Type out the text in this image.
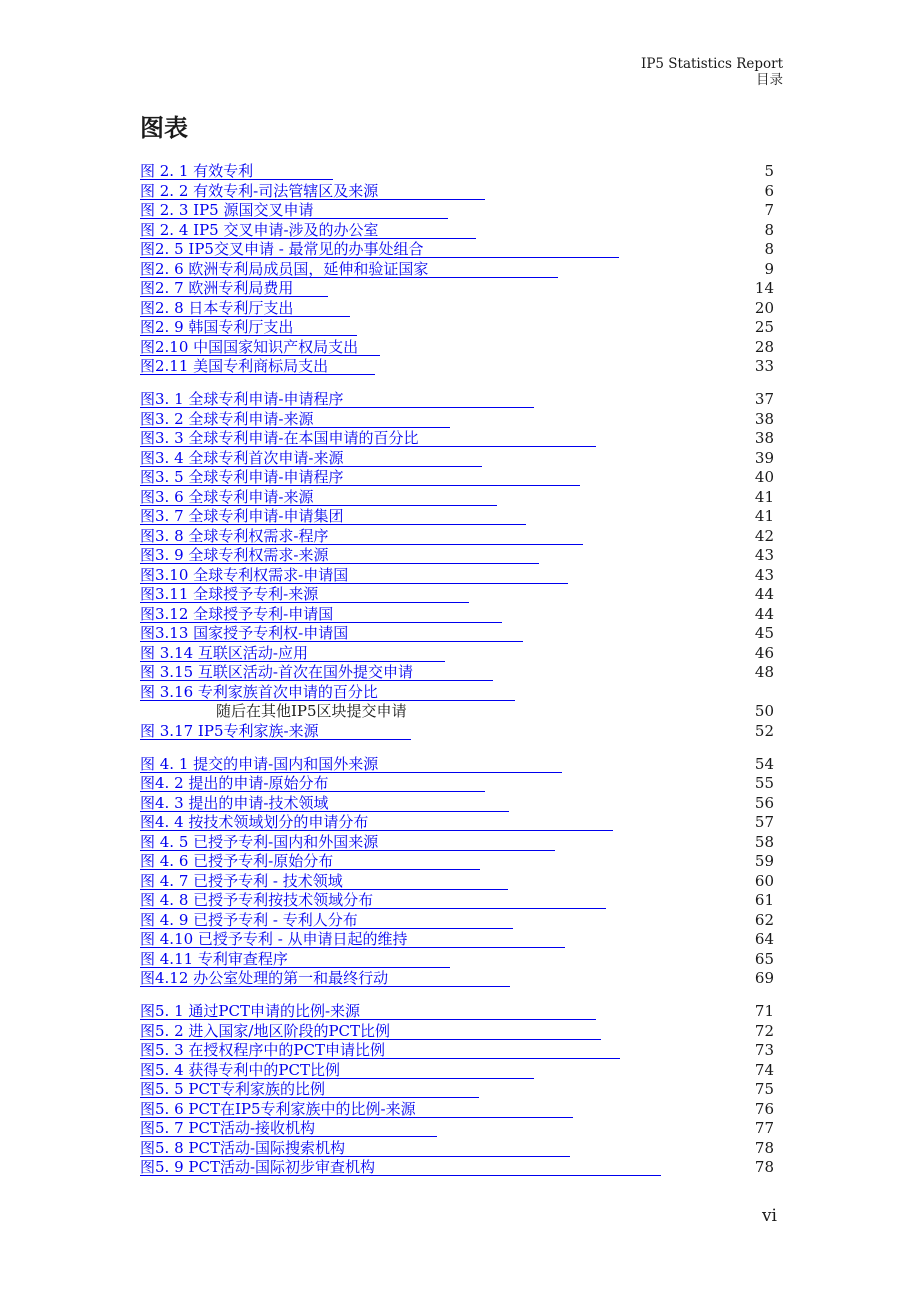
IP5 Statistics Report
目录
图表
图 2. 1 有效专利	5
图 2. 2 有效专利-司法管辖区及来源	6
图 2. 3 IP5 源国交叉申请	7
图 2. 4 IP5 交叉申请-涉及的办公室	8
图2. 5 IP5交叉申请 - 最常见的办事处组合	8
图2. 6 欧洲专利局成员国，延伸和验证国家	9
图2. 7 欧洲专利局费用	14
图2. 8 日本专利厅支出	20
图2. 9 韩国专利厅支出	25
图2.10 中国国家知识产权局支出	28
图2.11 美国专利商标局支出	33
图3. 1 全球专利申请-申请程序	37
图3. 2 全球专利申请-来源	38
图3. 3 全球专利申请-在本国申请的百分比	38
图3. 4 全球专利首次申请-来源	39
图3. 5 全球专利申请-申请程序	40
图3. 6 全球专利申请-来源	41
图3. 7 全球专利申请-申请集团	41
图3. 8 全球专利权需求-程序	42
图3. 9 全球专利权需求-来源	43
图3.10 全球专利权需求-申请国	43
图3.11 全球授予专利-来源	44
图3.12 全球授予专利-申请国	44
图3.13 国家授予专利权-申请国	45
图 3.14 互联区活动-应用	46
图 3.15 互联区活动-首次在国外提交申请	48
图 3.16 专利家族首次申请的百分比
随后在其他IP5区块提交申请	50
图 3.17 IP5专利家族-来源	52
图 4. 1 提交的申请-国内和国外来源	54
图4. 2 提出的申请-原始分布	55
图4. 3 提出的申请-技术领域	56
图4. 4 按技术领域划分的申请分布	57
图 4. 5 已授予专利-国内和外国来源	58
图 4. 6 已授予专利-原始分布	59
图 4. 7 已授予专利 - 技术领域	60
图 4. 8 已授予专利按技术领域分布	61
图 4. 9 已授予专利 - 专利人分布	62
图 4.10 已授予专利 - 从申请日起的维持	64
图 4.11 专利审查程序	65
图4.12 办公室处理的第一和最终行动	69
图5. 1 通过PCT申请的比例-来源	71
图5. 2 进入国家/地区阶段的PCT比例	72
图5. 3 在授权程序中的PCT申请比例	73
图5. 4 获得专利中的PCT比例	74
图5. 5 PCT专利家族的比例	75
图5. 6 PCT在IP5专利家族中的比例-来源	76
图5. 7 PCT活动-接收机构	77
图5. 8 PCT活动-国际搜索机构	78
图5. 9 PCT活动-国际初步审查机构	78
vi
